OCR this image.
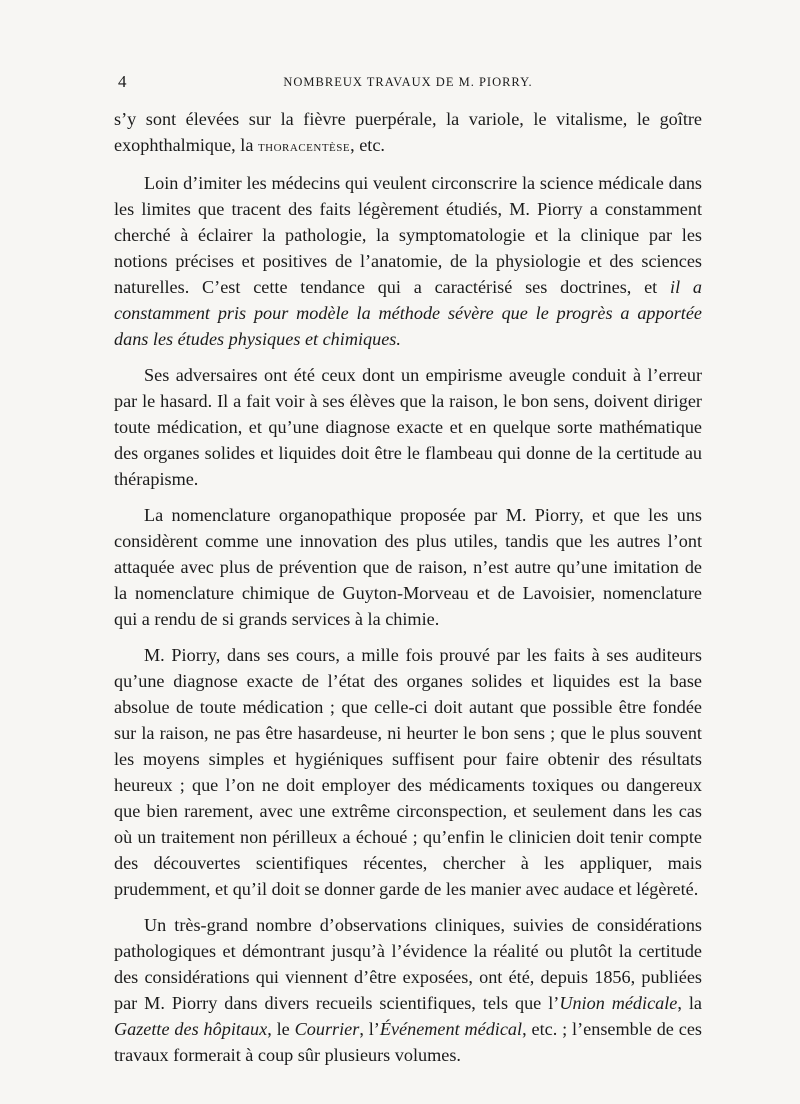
4	NOMBREUX TRAVAUX DE M. PIORRY.

s’y sont élevées sur la fièvre puerpérale, la variole, le vitalisme, le goître exophthalmique, la thoracentèse, etc.

Loin d’imiter les médecins qui veulent circonscrire la science médicale dans les limites que tracent des faits légèrement étudiés, M. Piorry a constamment cherché à éclairer la pathologie, la symptomatologie et la clinique par les notions précises et positives de l’anatomie, de la physiologie et des sciences naturelles. C’est cette tendance qui a caractérisé ses doctrines, et il a constamment pris pour modèle la méthode sévère que le progrès a apportée dans les études physiques et chimiques.

Ses adversaires ont été ceux dont un empirisme aveugle conduit à l’erreur par le hasard. Il a fait voir à ses élèves que la raison, le bon sens, doivent diriger toute médication, et qu’une diagnose exacte et en quelque sorte mathématique des organes solides et liquides doit être le flambeau qui donne de la certitude au thérapisme.

La nomenclature organopathique proposée par M. Piorry, et que les uns considèrent comme une innovation des plus utiles, tandis que les autres l’ont attaquée avec plus de prévention que de raison, n’est autre qu’une imitation de la nomenclature chimique de Guyton-Morveau et de Lavoisier, nomenclature qui a rendu de si grands services à la chimie.

M. Piorry, dans ses cours, a mille fois prouvé par les faits à ses auditeurs qu’une diagnose exacte de l’état des organes solides et liquides est la base absolue de toute médication ; que celle-ci doit autant que possible être fondée sur la raison, ne pas être hasardeuse, ni heurter le bon sens ; que le plus souvent les moyens simples et hygiéniques suffisent pour faire obtenir des résultats heureux ; que l’on ne doit employer des médicaments toxiques ou dangereux que bien rarement, avec une extrême circonspection, et seulement dans les cas où un traitement non périlleux a échoué ; qu’enfin le clinicien doit tenir compte des découvertes scientifiques récentes, chercher à les appliquer, mais prudemment, et qu’il doit se donner garde de les manier avec audace et légèreté.

Un très-grand nombre d’observations cliniques, suivies de considérations pathologiques et démontrant jusqu’à l’évidence la réalité ou plutôt la certitude des considérations qui viennent d’être exposées, ont été, depuis 1856, publiées par M. Piorry dans divers recueils scientifiques, tels que l’Union médicale, la Gazette des hôpitaux, le Courrier, l’Événement médical, etc. ; l’ensemble de ces travaux formerait à coup sûr plusieurs volumes.
